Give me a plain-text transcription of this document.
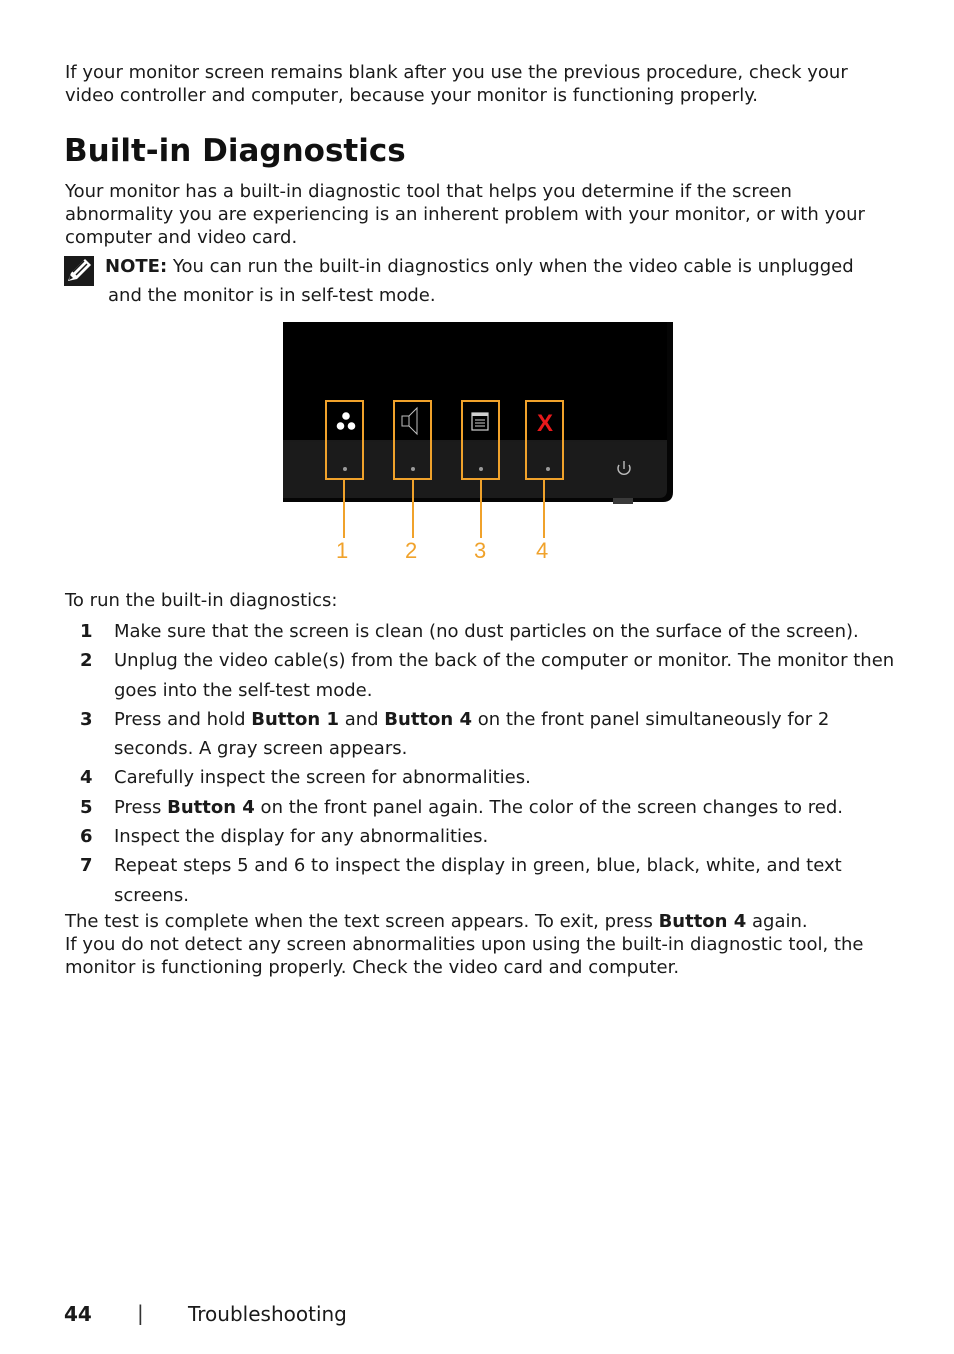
If your monitor screen remains blank after you use the previous procedure, check your video controller and computer, because your monitor is functioning properly.

Built-in Diagnostics

Your monitor has a built-in diagnostic tool that helps you determine if the screen abnormality you are experiencing is an inherent problem with your monitor, or with your computer and video card.

NOTE: You can run the built-in diagnostics only when the video cable is unplugged
and the monitor is in self-test mode.
X
1	2	3 4
To run the built-in diagnostics:
1 Make sure that the screen is clean (no dust particles on the surface of the screen).
2 Unplug the video cable(s) from the back of the computer or monitor. The monitor then goes into the self-test mode.
3 Press and hold Button 1 and Button 4 on the front panel simultaneously for 2 seconds. A gray screen appears.
4 Carefully inspect the screen for abnormalities.
5 Press Button 4 on the front panel again. The color of the screen changes to red.
6 Inspect the display for any abnormalities.
7 Repeat steps 5 and 6 to inspect the display in green, blue, black, white, and text screens.
The test is complete when the text screen appears. To exit, press Button 4 again.
If you do not detect any screen abnormalities upon using the built-in diagnostic tool, the monitor is functioning properly. Check the video card and computer.
44 | Troubleshooting
